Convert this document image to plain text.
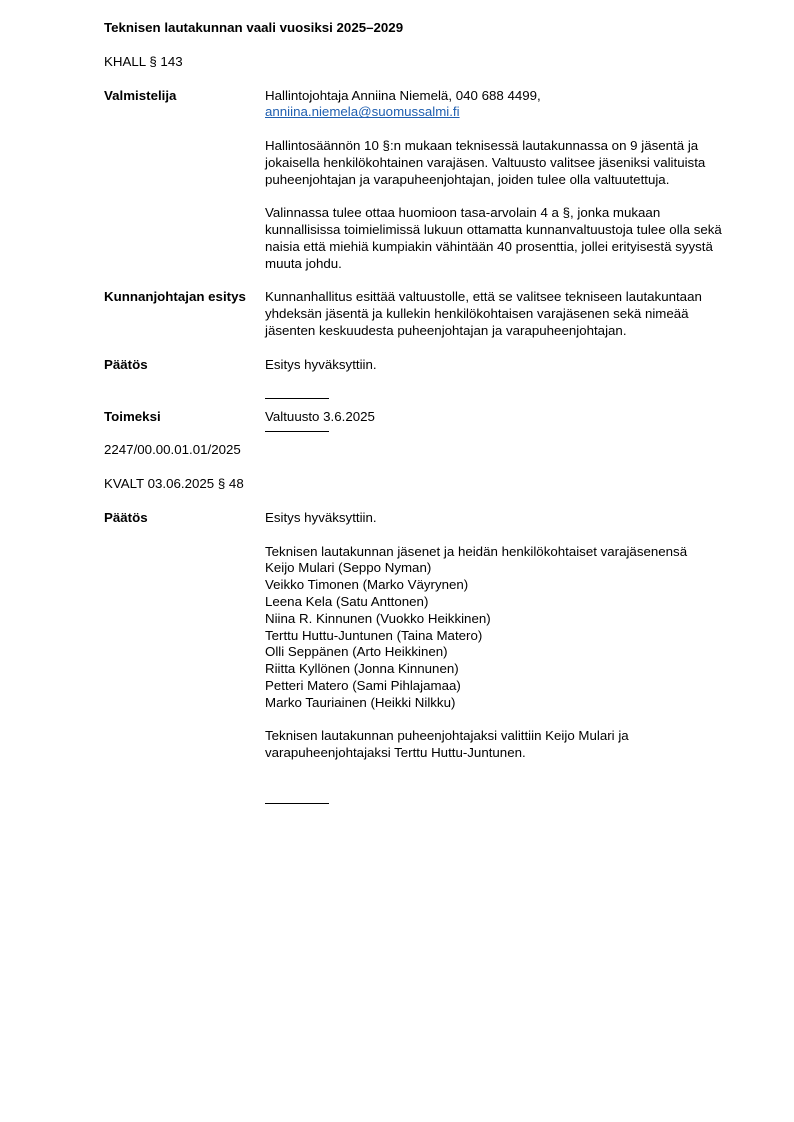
Teknisen lautakunnan vaali vuosiksi 2025–2029
KHALL § 143
Valmistelija	Hallintojohtaja Anniina Niemelä, 040 688 4499,
anniina.niemela@suomussalmi.fi
Hallintosäännön 10 §:n mukaan teknisessä lautakunnassa on 9 jäsentä ja jokaisella henkilökohtainen varajäsen. Valtuusto valitsee jäseniksi valituista puheenjohtajan ja varapuheenjohtajan, joiden tulee olla valtuutettuja.
Valinnassa tulee ottaa huomioon tasa-arvolain 4 a §, jonka mukaan kunnallisissa toimielimissä lukuun ottamatta kunnanvaltuustoja tulee olla sekä naisia että miehiä kumpiakin vähintään 40 prosenttia, jollei erityisestä syystä muuta johdu.
Kunnanjohtajan esitys	Kunnanhallitus esittää valtuustolle, että se valitsee tekniseen lautakuntaan yhdeksän jäsentä ja kullekin henkilökohtaisen varajäsenen sekä nimeää jäsenten keskuudesta puheenjohtajan ja varapuheenjohtajan.
Päätös	Esitys hyväksyttiin.
Toimeksi	Valtuusto 3.6.2025
2247/00.00.01.01/2025
KVALT 03.06.2025 § 48
Päätös	Esitys hyväksyttiin.
Teknisen lautakunnan jäsenet ja heidän henkilökohtaiset varajäsenensä
Keijo Mulari (Seppo Nyman)
Veikko Timonen (Marko Väyrynen)
Leena Kela (Satu Anttonen)
Niina R. Kinnunen (Vuokko Heikkinen)
Terttu Huttu-Juntunen (Taina Matero)
Olli Seppänen (Arto Heikkinen)
Riitta Kyllönen (Jonna Kinnunen)
Petteri Matero (Sami Pihlajamaa)
Marko Tauriainen (Heikki Nilkku)
Teknisen lautakunnan puheenjohtajaksi valittiin Keijo Mulari ja varapuheenjohtajaksi Terttu Huttu-Juntunen.
